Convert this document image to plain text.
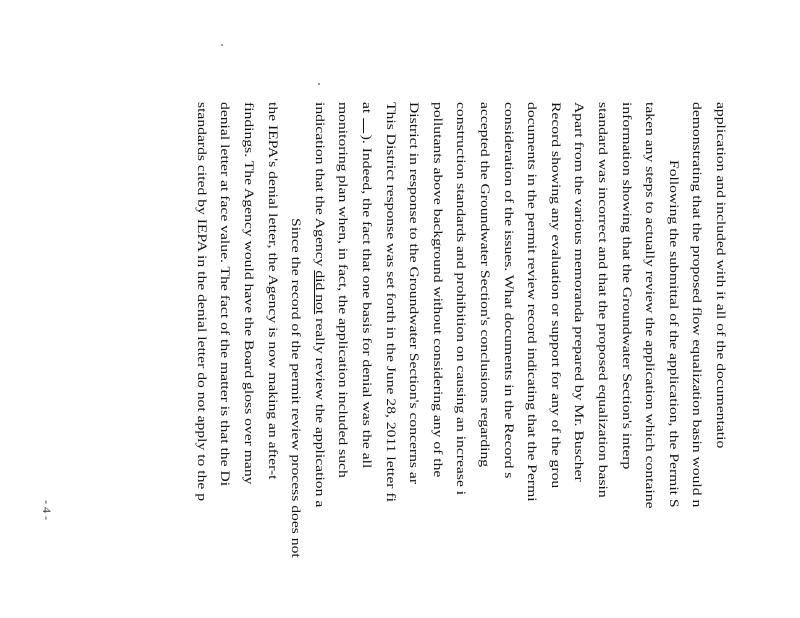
application and included with it all of the documentatio
demonstrating that the proposed flow equalization basin would n
Following the submittal of the application, the Permit S
taken any steps to actually review the application which containe
information showing that the Groundwater Section's interp
standard was incorrect and that the proposed equalization basin
Apart from the various memoranda prepared by Mr. Buscher
Record showing any evaluation or support for any of the grou
documents in the permit review record indicating that the Permi
consideration of the issues. What documents in the Record s
accepted the Groundwater Section's conclusions regarding
construction standards and prohibition on causing an increase i
pollutants above background without considering any of the
District in response to the Groundwater Section's concerns ar
This District response was set forth in the June 28, 2011 letter fi
at ). Indeed, the fact that one basis for denial was the all
monitoring plan when, in fact, the application included such
indication that the Agency did not really review the application a
Since the record of the permit review process does not
the IEPA's denial letter, the Agency is now making an after-t
findings. The Agency would have the Board gloss over many
denial letter at face value. The fact of the matter is that the Di
standards cited by IEPA in the denial letter do not apply to the p
- 4 -
